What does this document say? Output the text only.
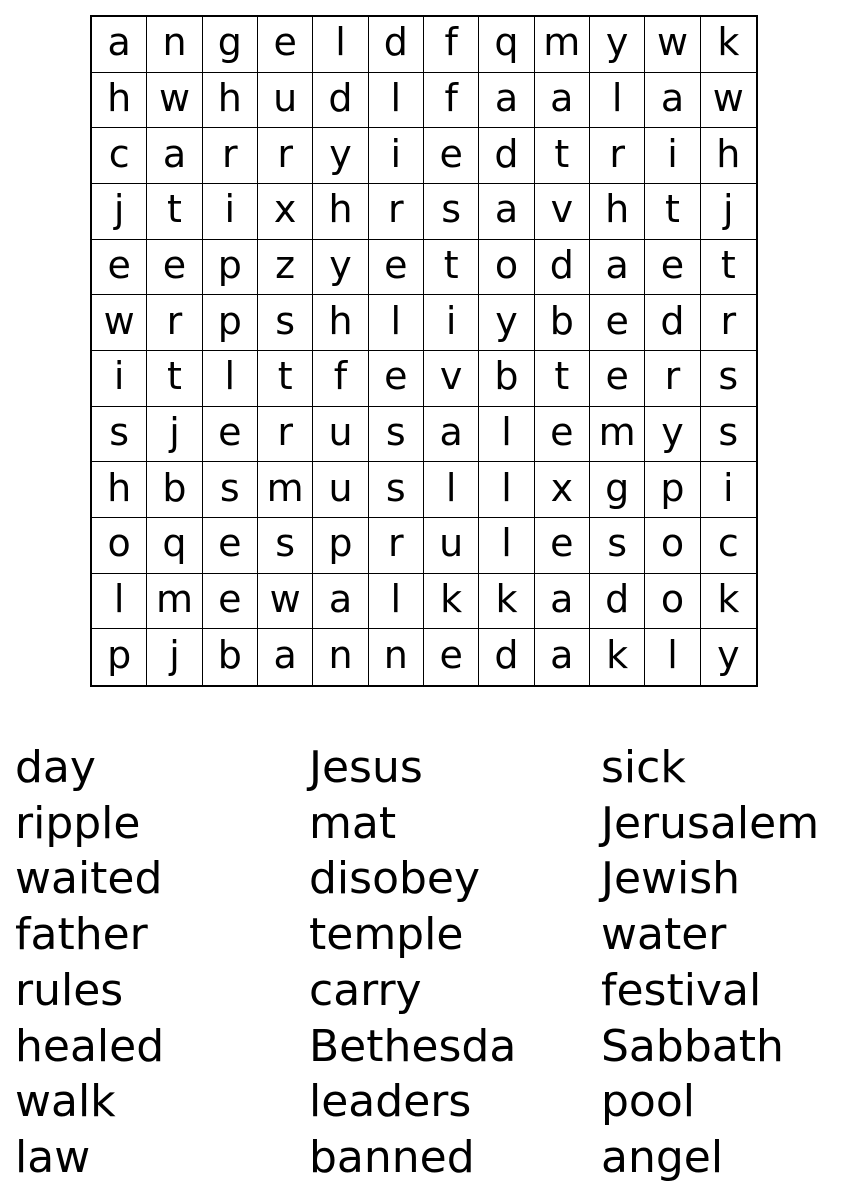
a n g e	l d f q m y w k
h w h u d l	f a a	l	a w
c a r	r y	i	e d t	r	i	h
j	t	i	x h r s a v h t	j
e e p z y e t o d a e t
w r p s h	l	i	y b e d r
i	t	l	t	f e v b t e r	s
s	j	e r u s a	l	e m y s
h b s m u s	l	l	x g p	i
o q e s p r u	l	e s o c
l m e w a	l	k k a d o k
p j b a n n e d a k	l	y
day
ripple
waited
father
rules
healed
walk
law
Jesus
mat
disobey
temple
carry
Bethesda
leaders
banned
sick
Jerusalem
Jewish
water
festival
Sabbath
pool
angel
